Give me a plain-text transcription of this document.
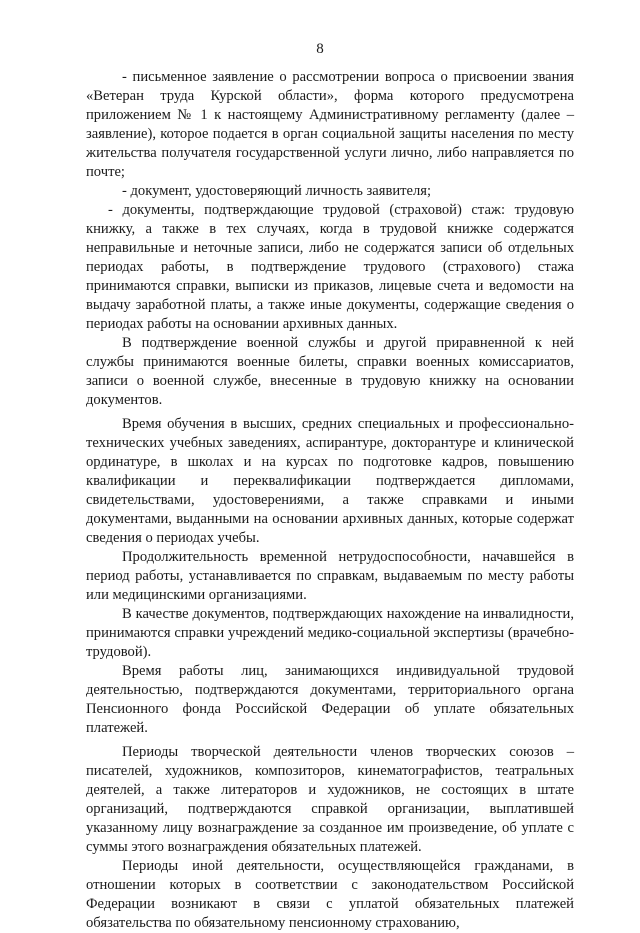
8

- письменное заявление о рассмотрении вопроса о присвоении звания «Ветеран труда Курской области», форма которого предусмотрена приложением № 1 к настоящему Административному регламенту (далее – заявление), которое подается в орган социальной защиты населения по месту жительства получателя государственной услуги лично, либо направляется по почте;

- документ, удостоверяющий личность заявителя;

- документы, подтверждающие трудовой (страховой) стаж: трудовую книжку, а также в тех случаях, когда в трудовой книжке содержатся неправильные и неточные записи, либо не содержатся записи об отдельных периодах работы, в подтверждение трудового (страхового) стажа принимаются справки, выписки из приказов, лицевые счета и ведомости на выдачу заработной платы, а также иные документы, содержащие сведения о периодах работы на основании архивных данных.

В подтверждение военной службы и другой приравненной к ней службы принимаются военные билеты, справки военных комиссариатов, записи о военной службе, внесенные в трудовую книжку на основании документов.

Время обучения в высших, средних специальных и профессионально-технических учебных заведениях, аспирантуре, докторантуре и клинической ординатуре, в школах и на курсах по подготовке кадров, повышению квалификации и переквалификации подтверждается дипломами, свидетельствами, удостоверениями, а также справками и иными документами, выданными на основании архивных данных, которые содержат сведения о периодах учебы.

Продолжительность временной нетрудоспособности, начавшейся в период работы, устанавливается по справкам, выдаваемым по месту работы или медицинскими организациями.

В качестве документов, подтверждающих нахождение на инвалидности, принимаются справки учреждений медико-социальной экспертизы (врачебно-трудовой).

Время работы лиц, занимающихся индивидуальной трудовой деятельностью, подтверждаются документами, территориального органа Пенсионного фонда Российской Федерации об уплате обязательных платежей.

Периоды творческой деятельности членов творческих союзов – писателей, художников, композиторов, кинематографистов, театральных деятелей, а также литераторов и художников, не состоящих в штате организаций, подтверждаются справкой организации, выплатившей указанному лицу вознаграждение за созданное им произведение, об уплате с суммы этого вознаграждения обязательных платежей.

Периоды иной деятельности, осуществляющейся гражданами, в отношении которых в соответствии с законодательством Российской Федерации возникают в связи с уплатой обязательных платежей обязательства по обязательному пенсионному страхованию,
